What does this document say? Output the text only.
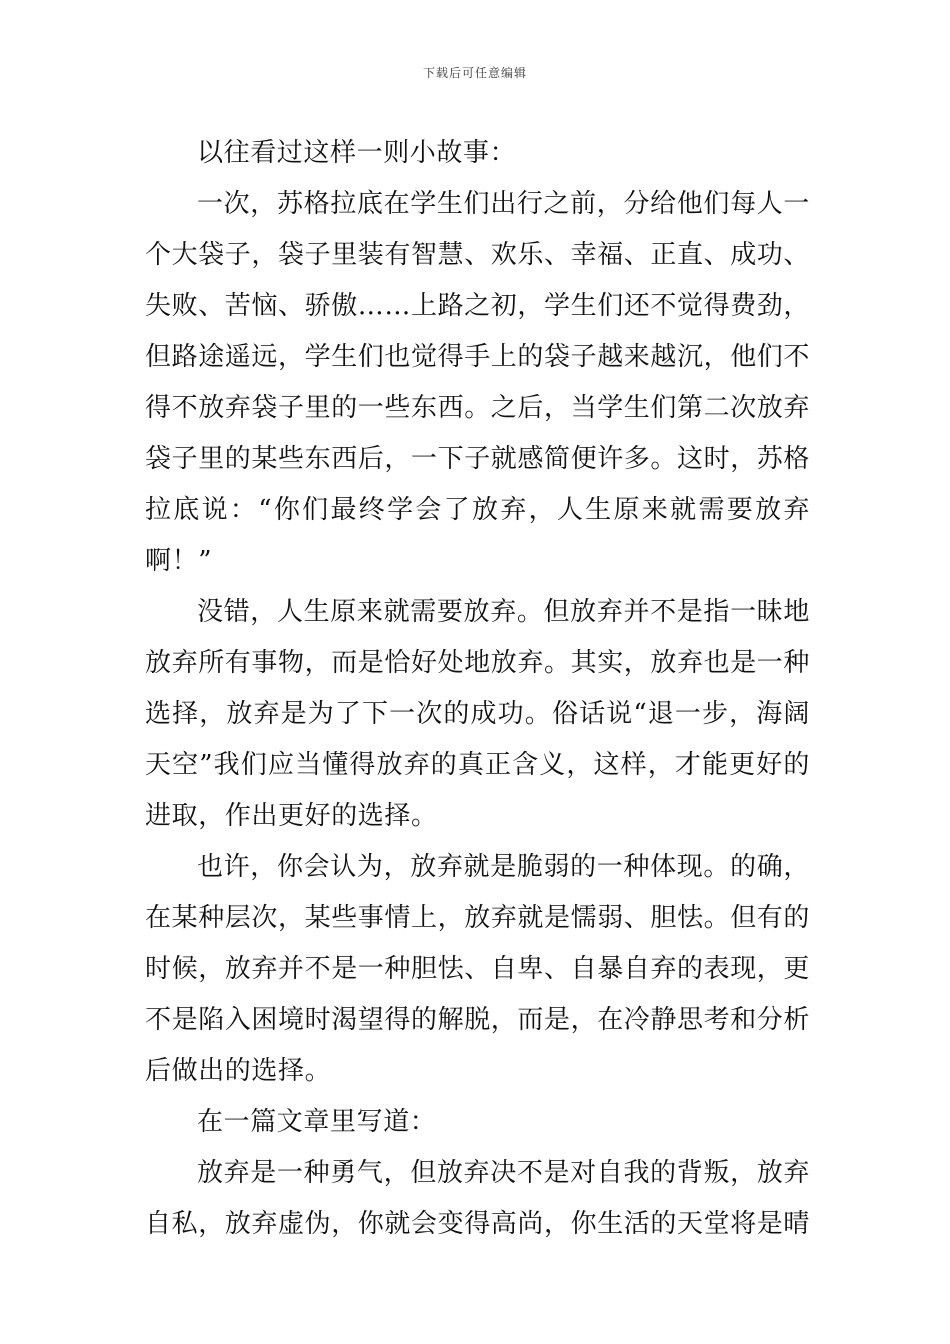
下载后可任意编辑
以往看过这样一则小故事：
一次，苏格拉底在学生们出行之前，分给他们每人一
个大袋子，袋子里装有智慧、欢乐、幸福、正直、成功、
失败、苦恼、骄傲……上路之初，学生们还不觉得费劲，
但路途遥远，学生们也觉得手上的袋子越来越沉，他们不
得不放弃袋子里的一些东西。之后，当学生们第二次放弃
袋子里的某些东西后，一下子就感简便许多。这时，苏格
拉底说：“你们最终学会了放弃，人生原来就需要放弃
啊！”
没错，人生原来就需要放弃。但放弃并不是指一昧地
放弃所有事物，而是恰好处地放弃。其实，放弃也是一种
选择，放弃是为了下一次的成功。俗话说“退一步，海阔
天空”我们应当懂得放弃的真正含义，这样，才能更好的
进取，作出更好的选择。
也许，你会认为，放弃就是脆弱的一种体现。的确，
在某种层次，某些事情上，放弃就是懦弱、胆怯。但有的
时候，放弃并不是一种胆怯、自卑、自暴自弃的表现，更
不是陷入困境时渴望得的解脱，而是，在冷静思考和分析
后做出的选择。
在一篇文章里写道：
放弃是一种勇气，但放弃决不是对自我的背叛，放弃
自私，放弃虚伪，你就会变得高尚，你生活的天堂将是晴
